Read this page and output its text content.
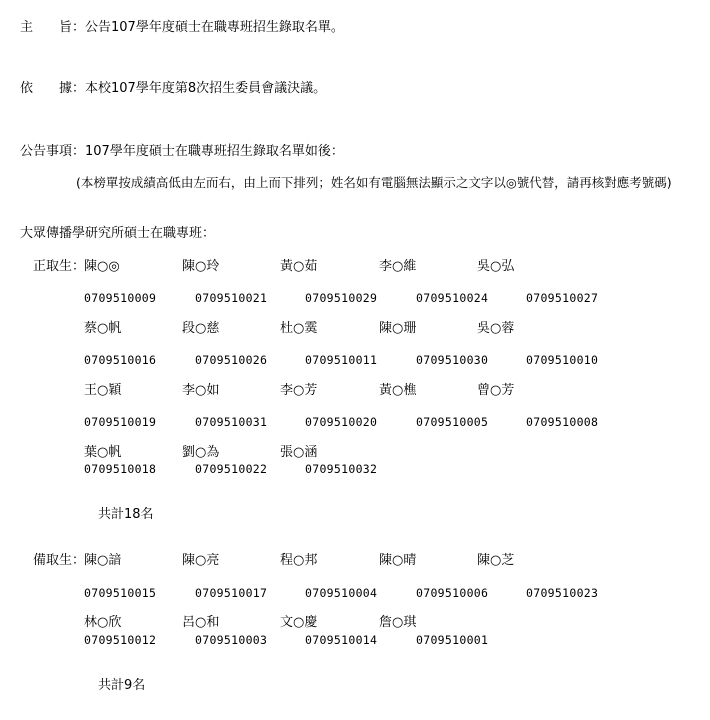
主旨：公告107學年度碩士在職專班招生錄取名單。
依據：本校107學年度第8次招生委員會議決議。
公告事項：107學年度碩士在職專班招生錄取名單如後：
(本榜單按成績高低由左而右，由上而下排列；姓名如有電腦無法顯示之文字以◎號代替，請再核對應考號碼)
大眾傳播學研究所碩士在職專班：
正取生：
陳○◎	陳○玲	黃○茹	李○維	吳○弘
0709510009	0709510021	0709510029	0709510024	0709510027
蔡○帆	段○慈	杜○霙	陳○珊	吳○蓉
0709510016	0709510026	0709510011	0709510030	0709510010
王○穎	李○如	李○芳	黃○樵	曾○芳
0709510019	0709510031	0709510020	0709510005	0709510008
葉○帆	劉○為	張○涵
0709510018	0709510022	0709510032
共計18名
備取生：
陳○諳	陳○亮	程○邦	陳○晴	陳○芝
0709510015	0709510017	0709510004	0709510006	0709510023
林○欣	呂○和	文○慶	詹○琪
0709510012	0709510003	0709510014	0709510001
共計9名
